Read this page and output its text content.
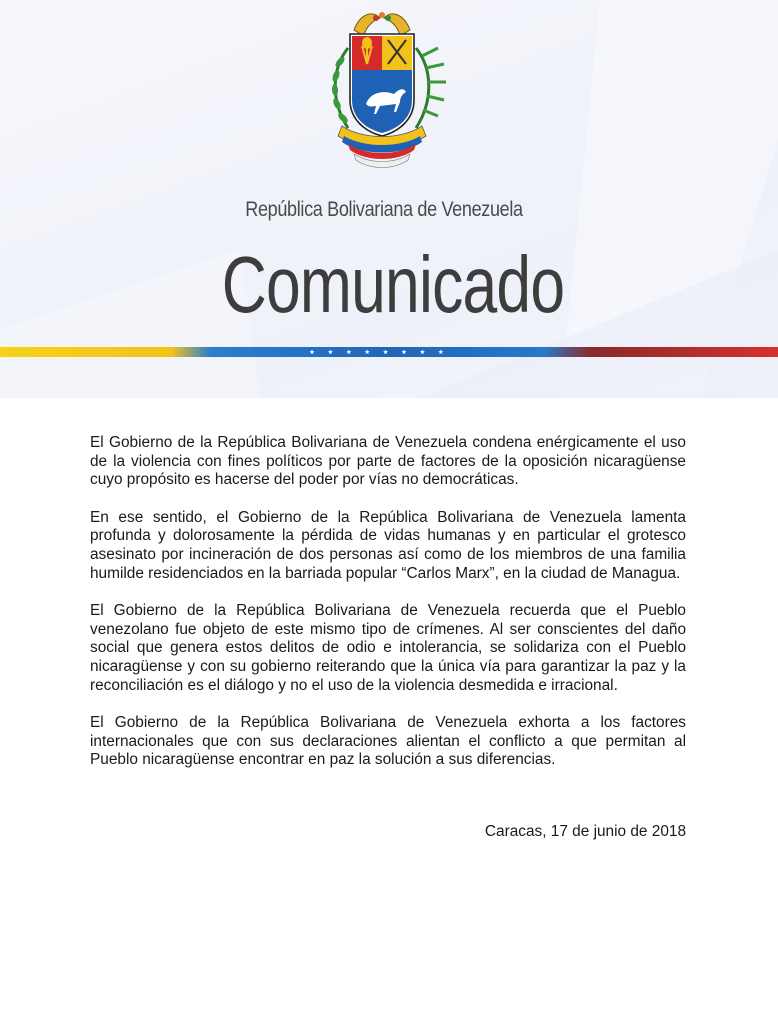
República Bolivariana de Venezuela
Comunicado

El Gobierno de la República Bolivariana de Venezuela condena enérgicamente el uso de la violencia con fines políticos por parte de factores de la oposición nicaragüense cuyo propósito es hacerse del poder por vías no democráticas.

En ese sentido, el Gobierno de la República Bolivariana de Venezuela lamenta profunda y dolorosamente la pérdida de vidas humanas y en particular el grotesco asesinato por incineración de dos personas así como de los miembros de una familia humilde residenciados en la barriada popular “Carlos Marx”, en la ciudad de Managua.

El Gobierno de la República Bolivariana de Venezuela recuerda que el Pueblo venezolano fue objeto de este mismo tipo de crímenes. Al ser conscientes del daño social que genera estos delitos de odio e intolerancia, se solidariza con el Pueblo nicaragüense y con su gobierno reiterando que la única vía para garantizar la paz y la reconciliación es el diálogo y no el uso de la violencia desmedida e irracional.

El Gobierno de la República Bolivariana de Venezuela exhorta a los factores internacionales que con sus declaraciones alientan el conflicto a que permitan al Pueblo nicaragüense encontrar en paz la solución a sus diferencias.

Caracas, 17 de junio de 2018
